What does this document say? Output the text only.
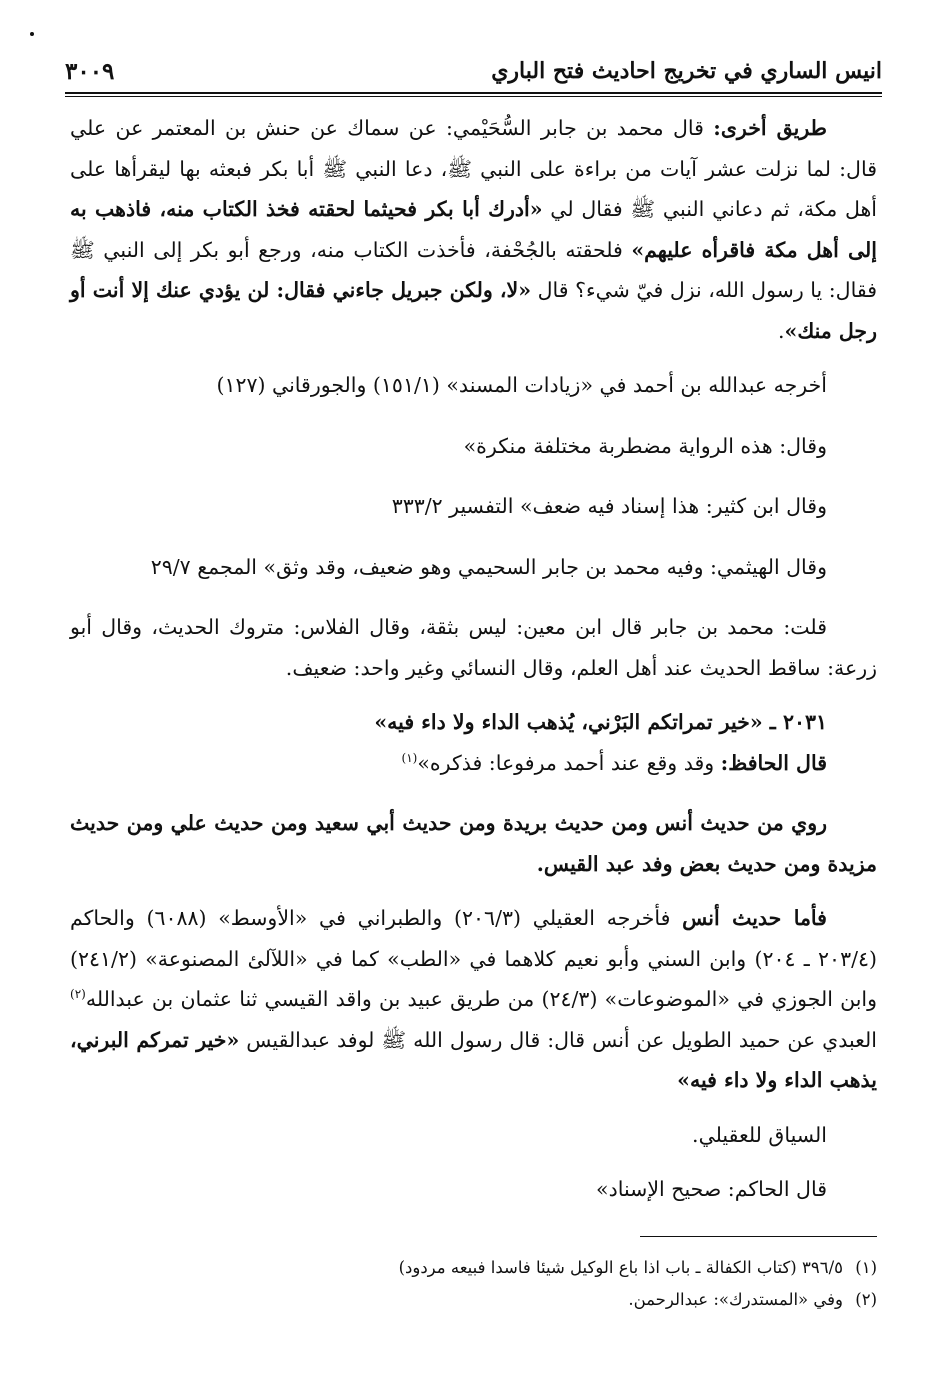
انيس الساري في تخريج احاديث فتح الباري
٣٠٠٩

طريق أخرى: قال محمد بن جابر السُّحَيْمي: عن سماك عن حنش بن المعتمر عن علي قال: لما نزلت عشر آيات من براءة على النبي ﷺ، دعا النبي ﷺ أبا بكر فبعثه بها ليقرأها على أهل مكة، ثم دعاني النبي ﷺ فقال لي «أدرك أبا بكر فحيثما لحقته فخذ الكتاب منه، فاذهب به إلى أهل مكة فاقرأه عليهم» فلحقته بالجُحْفة، فأخذت الكتاب منه، ورجع أبو بكر إلى النبي ﷺ فقال: يا رسول الله، نزل فيّ شيء؟ قال «لا، ولكن جبريل جاءني فقال: لن يؤدي عنك إلا أنت أو رجل منك».

أخرجه عبدالله بن أحمد في «زيادات المسند» (١٥١/١) والجورقاني (١٢٧)

وقال: هذه الرواية مضطربة مختلفة منكرة»

وقال ابن كثير: هذا إسناد فيه ضعف» التفسير ٣٣٣/٢

وقال الهيثمي: وفيه محمد بن جابر السحيمي وهو ضعيف، وقد وثق» المجمع ٢٩/٧

قلت: محمد بن جابر قال ابن معين: ليس بثقة، وقال الفلاس: متروك الحديث، وقال أبو زرعة: ساقط الحديث عند أهل العلم، وقال النسائي وغير واحد: ضعيف.

٢٠٣١ ـ «خير تمراتكم البَرْني، يُذهب الداء ولا داء فيه»

قال الحافظ: وقد وقع عند أحمد مرفوعا: فذكره»$^{(١)}$

روي من حديث أنس ومن حديث بريدة ومن حديث أبي سعيد ومن حديث علي ومن حديث مزيدة ومن حديث بعض وفد عبد القيس.

فأما حديث أنس فأخرجه العقيلي (٢٠٦/٣) والطبراني في «الأوسط» (٦٠٨٨) والحاكم (٢٠٣/٤ ـ ٢٠٤) وابن السني وأبو نعيم كلاهما في «الطب» كما في «اللآلئ المصنوعة» (٢٤١/٢) وابن الجوزي في «الموضوعات» (٢٤/٣) من طريق عبيد بن واقد القيسي ثنا عثمان بن عبدالله$^{(٢)}$ العبدي عن حميد الطويل عن أنس قال: قال رسول الله ﷺ لوفد عبدالقيس «خير تمركم البرني، يذهب الداء ولا داء فيه»

السياق للعقيلي.

قال الحاكم: صحيح الإسناد»

(١)٣٩٦/٥ (كتاب الكفالة ـ باب اذا باع الوكيل شيئا فاسدا فبيعه مردود)

(٢)وفي «المستدرك»: عبدالرحمن.
